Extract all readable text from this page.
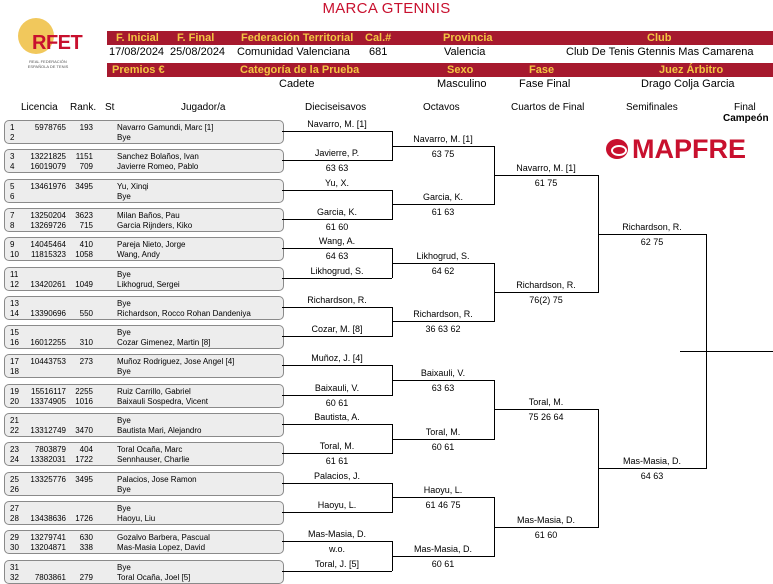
MARCA GTENNIS
RFET
REAL FEDERACIÓN ESPAÑOLA DE TENIS
F. Inicial F. Final Federación Territorial Cal.#	Provincia	Club
17/08/2024 25/08/2024 Comunidad Valenciana 681	Valencia	Club De Tenis Gtennis Mas Camarena
Premios €	Categoría de la Prueba	Sexo	Fase	Juez Árbitro
Cadete	Masculino	Fase Final	Drago Colja Garcia
Licencia Rank. St	Jugador/a	Dieciseisavos	Octavos	Cuartos de Final	Semifinales	Final
Campeón
MAPFRE
1	5978765	193	Navarro Gamundi, Marc [1]
2	Bye
3	13221825	1151	Sanchez Bolaños, Ivan
4	16019079	709	Javierre Romeo, Pablo
5	13461976	3495	Yu, Xinqi
6	Bye
7	13250204	3623	Milan Baños, Pau
8	13269726	715	Garcia Rijnders, Kiko
9	14045464	410	Pareja Nieto, Jorge
10	11815323	1058	Wang, Andy
11	Bye
12	13420261	1049	Likhogrud, Sergei
13	Bye
14	13390696	550	Richardson, Rocco Rohan Dandeniya
15	Bye
16	16012255	310	Cozar Gimenez, Martin [8]
17	10443753	273	Muñoz Rodriguez, Jose Angel [4]
18	Bye
19	15516117	2255	Ruiz Carrillo, Gabriel
20	13374905	1016	Baixauli Sospedra, Vicent
21	Bye
22	13312749	3470	Bautista Mari, Alejandro
23	7803879	404	Toral Ocaña, Marc
24	13382031	1722	Sennhauser, Charlie
25	13325776	3495	Palacios, Jose Ramon
26	Bye
27	Bye
28	13438636	1726	Haoyu, Liu
29	13279741	630	Gozalvo Barbera, Pascual
30	13204871	338	Mas-Masia Lopez, David
31	Bye
32	7803861	279	Toral Ocaña, Joel [5]
Navarro, M. [1]
Javierre, P.
63 63
Yu, X.
Garcia, K.
61 60
Wang, A.
64 63
Likhogrud, S.
Richardson, R.
Cozar, M. [8]
Muñoz, J. [4]
Baixauli, V.
60 61
Bautista, A.
Toral, M.
61 61
Palacios, J.
Haoyu, L.
Mas-Masia, D.
w.o.
Toral, J. [5]
Navarro, M. [1]
63 75
Garcia, K.
61 63
Likhogrud, S.
64 62
Richardson, R.
36 63 62
Baixauli, V.
63 63
Toral, M.
60 61
Haoyu, L.
61 46 75
Mas-Masia, D.
60 61
Navarro, M. [1]
61 75
Richardson, R.
76(2) 75
Toral, M.
75 26 64
Mas-Masia, D.
61 60
Richardson, R.
62 75
Mas-Masia, D.
64 63
